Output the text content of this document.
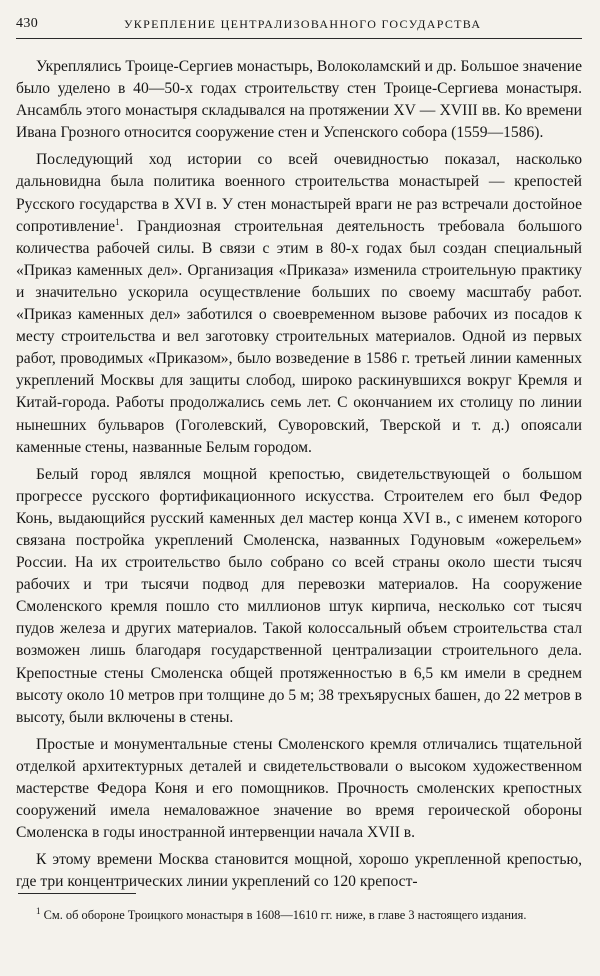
430	УКРЕПЛЕНИЕ ЦЕНТРАЛИЗОВАННОГО ГОСУДАРСТВА

Укреплялись Троице-Сергиев монастырь, Волоколамский и др. Большое значение было уделено в 40—50-х годах строительству стен Троице-Сергиева монастыря. Ансамбль этого монастыря складывался на протяжении XV — XVIII вв. Ко времени Ивана Грозного относится сооружение стен и Успенского собора (1559—1586).

Последующий ход истории со всей очевидностью показал, насколько дальновидна была политика военного строительства монастырей — крепостей Русского государства в XVI в. У стен монастырей враги не раз встречали достойное сопротивление$^1$. Грандиозная строительная деятельность требовала большого количества рабочей силы. В связи с этим в 80-х годах был создан специальный «Приказ каменных дел». Организация «Приказа» изменила строительную практику и значительно ускорила осуществление больших по своему масштабу работ. «Приказ каменных дел» заботился о своевременном вызове рабочих из посадов к месту строительства и вел заготовку строительных материалов. Одной из первых работ, проводимых «Приказом», было возведение в 1586 г. третьей линии каменных укреплений Москвы для защиты слобод, широко раскинувшихся вокруг Кремля и Китай-города. Работы продолжались семь лет. С окончанием их столицу по линии нынешних бульваров (Гоголевский, Суворовский, Тверской и т. д.) опоясали каменные стены, названные Белым городом.

Белый город являлся мощной крепостью, свидетельствующей о большом прогрессе русского фортификационного искусства. Строителем его был Федор Конь, выдающийся русский каменных дел мастер конца XVI в., с именем которого связана постройка укреплений Смоленска, названных Годуновым «ожерельем» России. На их строительство было собрано со всей страны около шести тысяч рабочих и три тысячи подвод для перевозки материалов. На сооружение Смоленского кремля пошло сто миллионов штук кирпича, несколько сот тысяч пудов железа и других материалов. Такой колоссальный объем строительства стал возможен лишь благодаря государственной централизации строительного дела. Крепостные стены Смоленска общей протяженностью в 6,5 км имели в среднем высоту около 10 метров при толщине до 5 м; 38 трехъярусных башен, до 22 метров в высоту, были включены в стены.

Простые и монументальные стены Смоленского кремля отличались тщательной отделкой архитектурных деталей и свидетельствовали о высоком художественном мастерстве Федора Коня и его помощников. Прочность смоленских крепостных сооружений имела немаловажное значение во время героической обороны Смоленска в годы иностранной интервенции начала XVII в.

К этому времени Москва становится мощной, хорошо укрепленной крепостью, где три концентрических линии укреплений со 120 крепост-

$^1$ См. об обороне Троицкого монастыря в 1608—1610 гг. ниже, в главе 3 настоящего издания.
